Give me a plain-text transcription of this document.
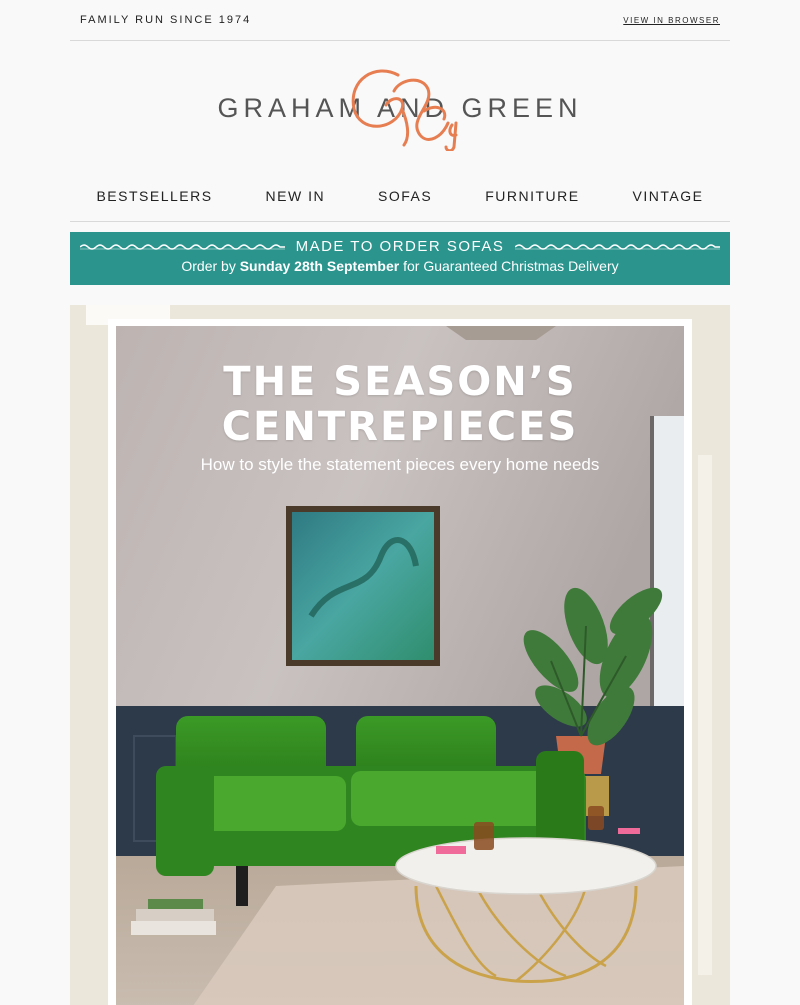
FAMILY RUN SINCE 1974	VIEW IN BROWSER
GRAHAM AND GREEN
BESTSELLERS	NEW IN	SOFAS	FURNITURE	VINTAGE
MADE TO ORDER SOFAS
Order by Sunday 28th September for Guaranteed Christmas Delivery
THE SEASON’S
CENTREPIECES
How to style the statement pieces every home needs
